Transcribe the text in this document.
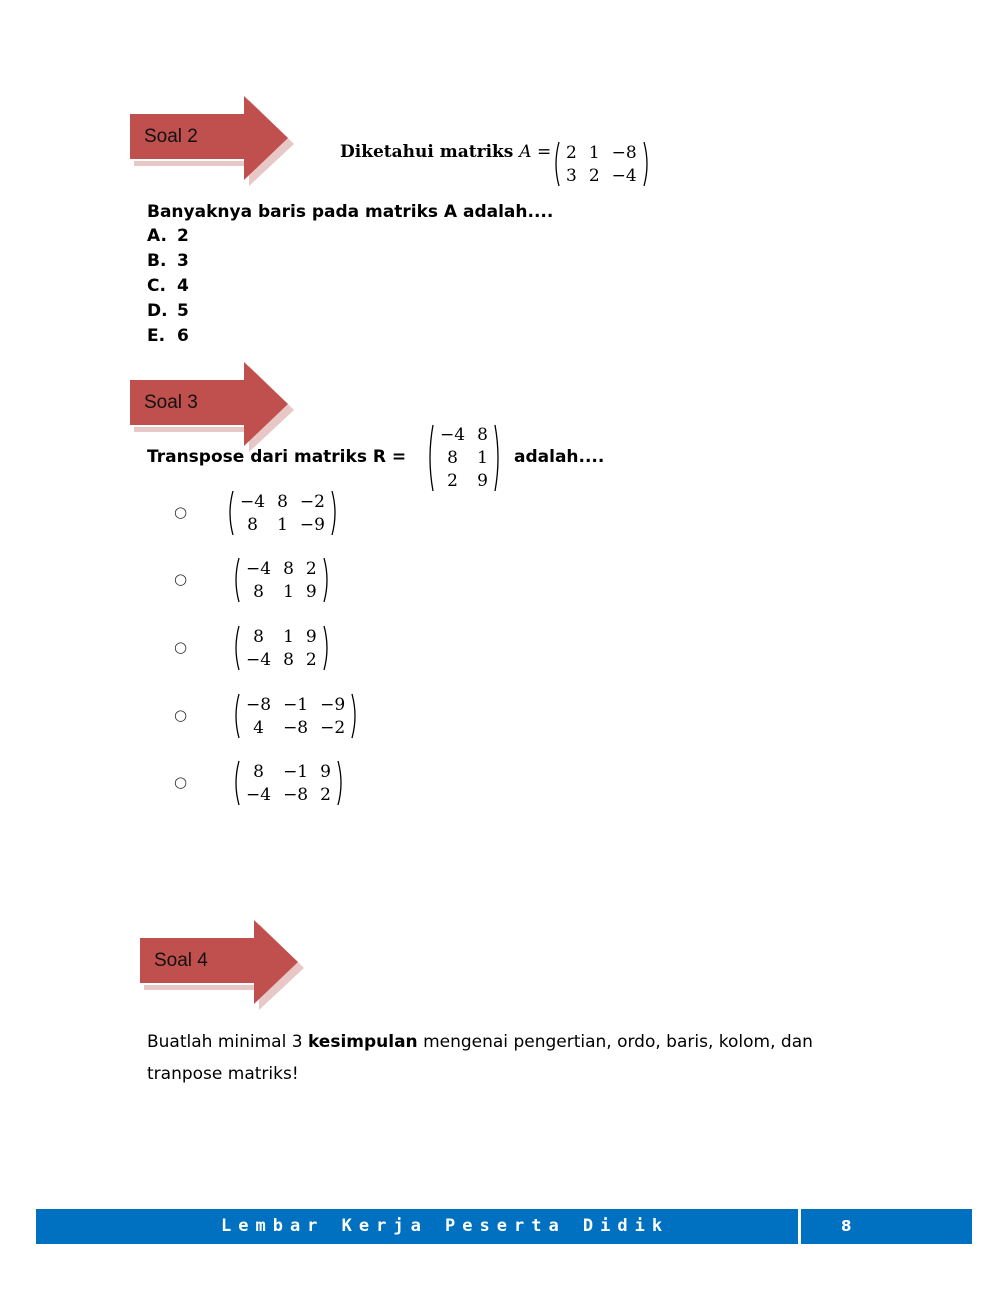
Soal 2
Diketahui matriks A = 2	1	−8
3	2	−4
Banyaknya baris pada matriks A adalah....
A. 2
B. 3
C. 4
D. 5
E. 6
Soal 3
Transpose dari matriks R =
−4	8
8	1
2	9
adalah....
○
−4	8	−2
8	1	−9
○
−4	8	2
8	1	9
○
8	1	9
−4	8	2
○
−8	−1	−9
4	−8	−2
○
8	−1	9
−4	−8	2
Soal 4
Buatlah minimal 3 kesimpulan mengenai pengertian, ordo, baris, kolom, dan tranpose matriks!
Lembar Kerja Peserta Didik	8
